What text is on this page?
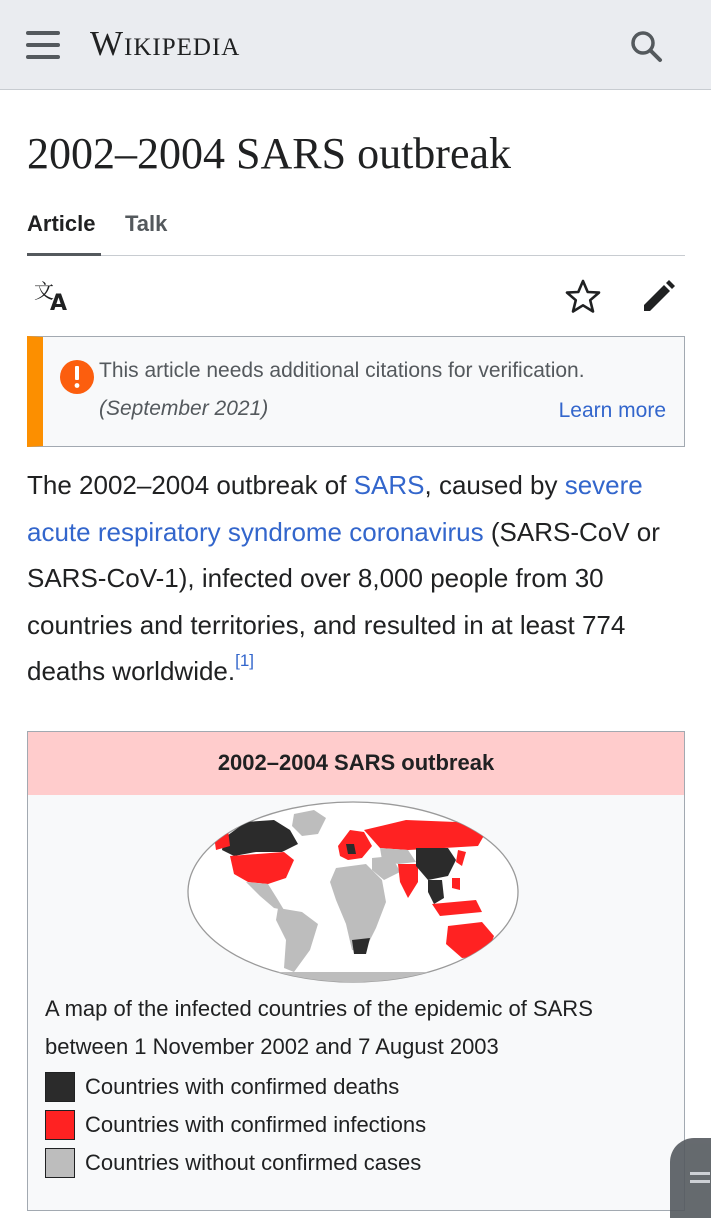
Wikipedia
2002–2004 SARS outbreak
Article Talk
文
A
This article needs additional citations for verification.
(September 2021)	Learn more

The 2002–2004 outbreak of SARS, caused by severe acute respiratory syndrome coronavirus (SARS-CoV or SARS-CoV-1), infected over 8,000 people from 30 countries and territories, and resulted in at least 774 deaths worldwide.[1]

2002–2004 SARS outbreak

A map of the infected countries of the epidemic of SARS between 1 November 2002 and 7 August 2003

Countries with confirmed deaths
Countries with confirmed infections
Countries without confirmed cases
